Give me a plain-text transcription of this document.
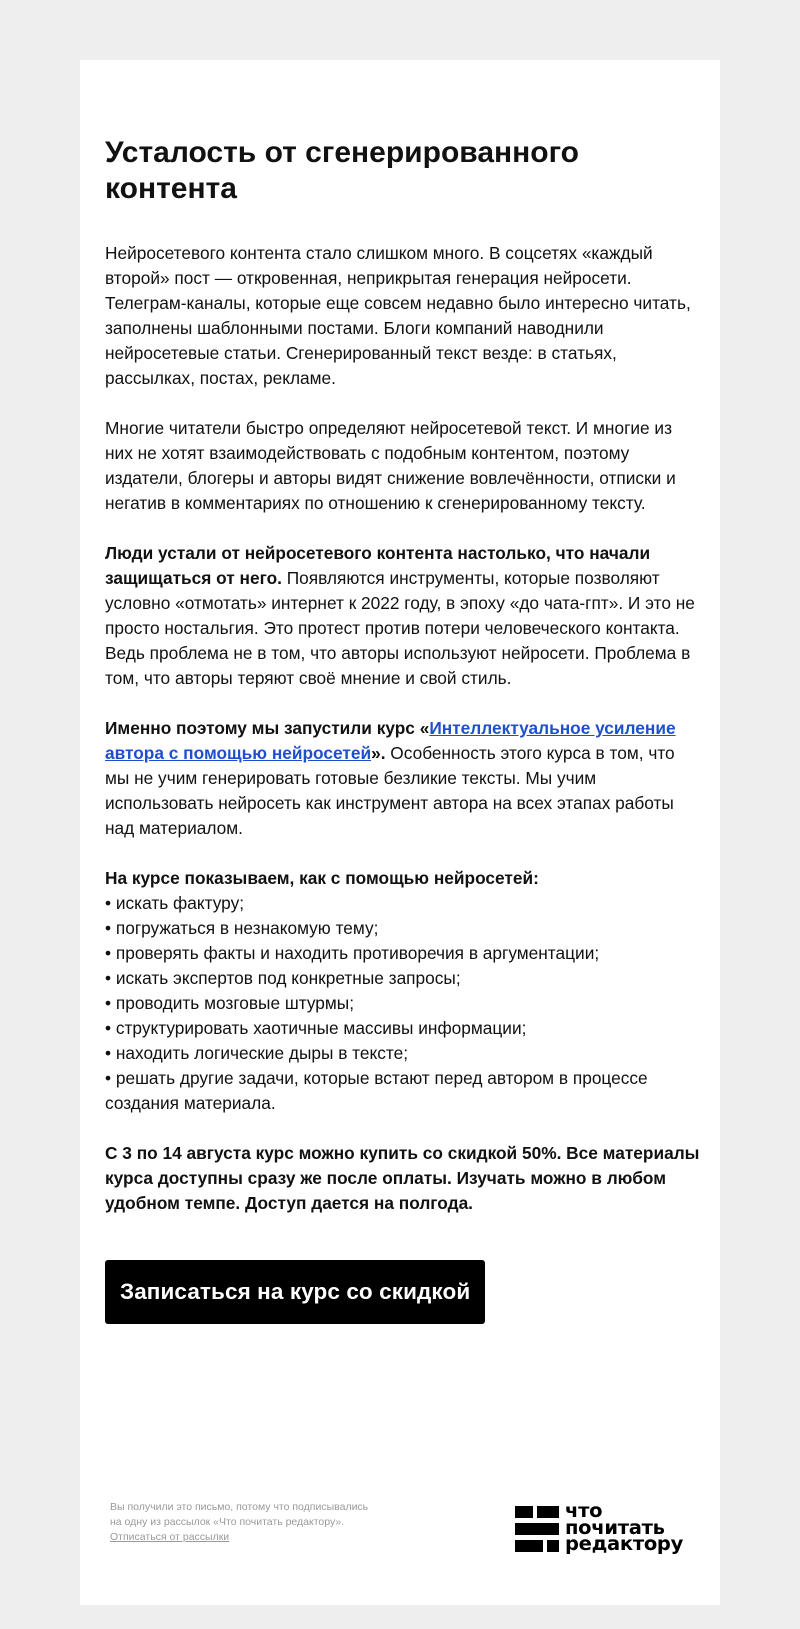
Усталость от сгенерированного контента

Нейросетевого контента стало слишком много. В соцсетях «каждый второй» пост — откровенная, неприкрытая генерация нейросети. Телеграм-каналы, которые еще совсем недавно было интересно читать, заполнены шаблонными постами. Блоги компаний наводнили нейросетевые статьи. Сгенерированный текст везде: в статьях, рассылках, постах, рекламе.

Многие читатели быстро определяют нейросетевой текст. И многие из них не хотят взаимодействовать с подобным контентом, поэтому издатели, блогеры и авторы видят снижение вовлечённости, отписки и негатив в комментариях по отношению к сгенерированному тексту.

Люди устали от нейросетевого контента настолько, что начали защищаться от него. Появляются инструменты, которые позволяют условно «отмотать» интернет к 2022 году, в эпоху «до чата-гпт». И это не просто ностальгия. Это протест против потери человеческого контакта. Ведь проблема не в том, что авторы используют нейросети. Проблема в том, что авторы теряют своё мнение и свой стиль.

Именно поэтому мы запустили курс «Интеллектуальное усиление автора с помощью нейросетей». Особенность этого курса в том, что мы не учим генерировать готовые безликие тексты. Мы учим использовать нейросеть как инструмент автора на всех этапах работы над материалом.

На курсе показываем, как с помощью нейросетей:

• искать фактуру;
• погружаться в незнакомую тему;
• проверять факты и находить противоречия в аргументации;
• искать экспертов под конкретные запросы;
• проводить мозговые штурмы;
• структурировать хаотичные массивы информации;
• находить логические дыры в тексте;
• решать другие задачи, которые встают перед автором в процессе создания материала.

С 3 по 14 августа курс можно купить со скидкой 50%. Все материалы курса доступны сразу же после оплаты. Изучать можно в любом удобном темпе. Доступ дается на полгода.

Записаться на курс со скидкой
Вы получили это письмо, потому что подписывались
на одну из рассылок «Что почитать редактору».
Отписаться от рассылки
что
почитать
редактору
